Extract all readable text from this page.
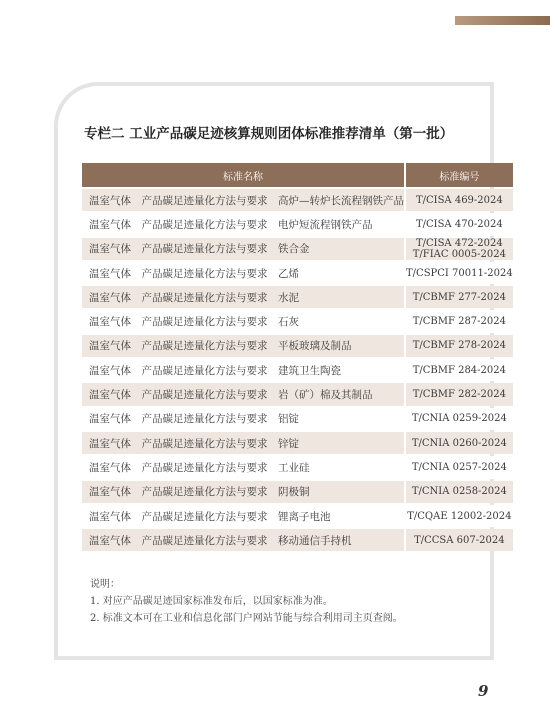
专栏二 工业产品碳足迹核算规则团体标准推荐清单（第一批）
标准名称	标准编号
温室气体　产品碳足迹量化方法与要求　高炉—转炉长流程钢铁产品	T/CISA 469-2024

温室气体　产品碳足迹量化方法与要求　电炉短流程钢铁产品	T/CISA 470-2024

温室气体　产品碳足迹量化方法与要求　铁合金	T/CISA 472-2024
T/FIAC 0005-2024

温室气体　产品碳足迹量化方法与要求　乙烯	T/CSPCI 70011-2024

温室气体　产品碳足迹量化方法与要求　水泥	T/CBMF 277-2024

温室气体　产品碳足迹量化方法与要求　石灰	T/CBMF 287-2024

温室气体　产品碳足迹量化方法与要求　平板玻璃及制品	T/CBMF 278-2024

温室气体　产品碳足迹量化方法与要求　建筑卫生陶瓷	T/CBMF 284-2024

温室气体　产品碳足迹量化方法与要求　岩（矿）棉及其制品	T/CBMF 282-2024

温室气体　产品碳足迹量化方法与要求　铝锭	T/CNIA 0259-2024

温室气体　产品碳足迹量化方法与要求　锌锭	T/CNIA 0260-2024

温室气体　产品碳足迹量化方法与要求　工业硅	T/CNIA 0257-2024

温室气体　产品碳足迹量化方法与要求　阴极铜	T/CNIA 0258-2024

温室气体　产品碳足迹量化方法与要求　锂离子电池	T/CQAE 12002-2024

温室气体　产品碳足迹量化方法与要求　移动通信手持机	T/CCSA 607-2024
说明：
1. 对应产品碳足迹国家标准发布后，以国家标准为准。
2. 标准文本可在工业和信息化部门户网站节能与综合利用司主页查阅。
9
